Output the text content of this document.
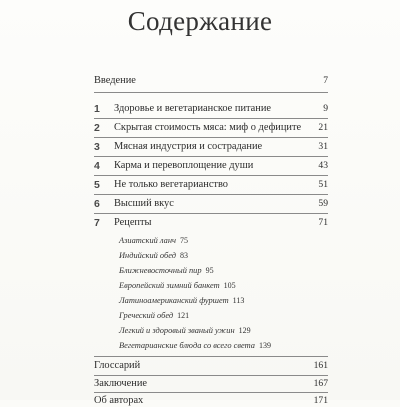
Содержание
Введение	7
1 Здоровье и вегетарианское питание	9
2 Скрытая стоимость мяса: миф о дефиците 21
3 Мясная индустрия и сострадание	31
4 Карма и перевоплощение души	43
5 Не только вегетарианство	51
6 Высший вкус	59
7 Рецепты	71
Азиатский ланч 75
Индийский обед 83
Ближневосточный пир 95
Европейский зимний банкет 105
Латиноамериканский фуршет 113
Греческий обед 121
Легкий и здоровый званый ужин 129
Вегетарианские блюда со всего света 139
Глоссарий	161
Заключение	167
Об авторах	171
